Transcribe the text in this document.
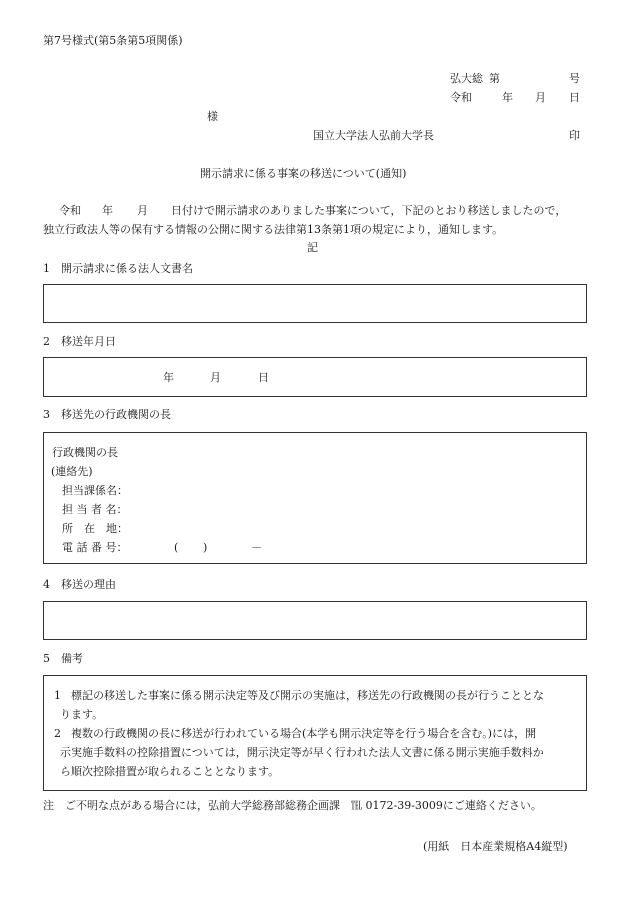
第7号様式(第5条第5項関係)
弘大総 第	号
令和	年 月 日
様
国立大学法人弘前大学長	印
開示請求に係る事案の移送について(通知)
令和 年 月 日付けで開示請求のありました事案について，下記のとおり移送しましたので，
独立行政法人等の保有する情報の公開に関する法律第13条第1項の規定により，通知します。
記
1 開示請求に係る法人文書名
2 移送年月日
年	月	日
3 移送先の行政機関の長
行政機関の長
(連絡先)
担当課係名：
担 当 者 名：
所　在　地：
電 話 番 号：	( )	－
4 移送の理由
5 備考
1 標記の移送した事案に係る開示決定等及び開示の実施は，移送先の行政機関の長が行うこととな
ります。
2 複数の行政機関の長に移送が行われている場合(本学も開示決定等を行う場合を含む。)には，開
示実施手数料の控除措置については，開示決定等が早く行われた法人文書に係る開示実施手数料か
ら順次控除措置が取られることとなります。
注　ご不明な点がある場合には，弘前大学総務部総務企画課　℡ 0172-39-3009にご連絡ください。
(用紙　日本産業規格A4縦型)
